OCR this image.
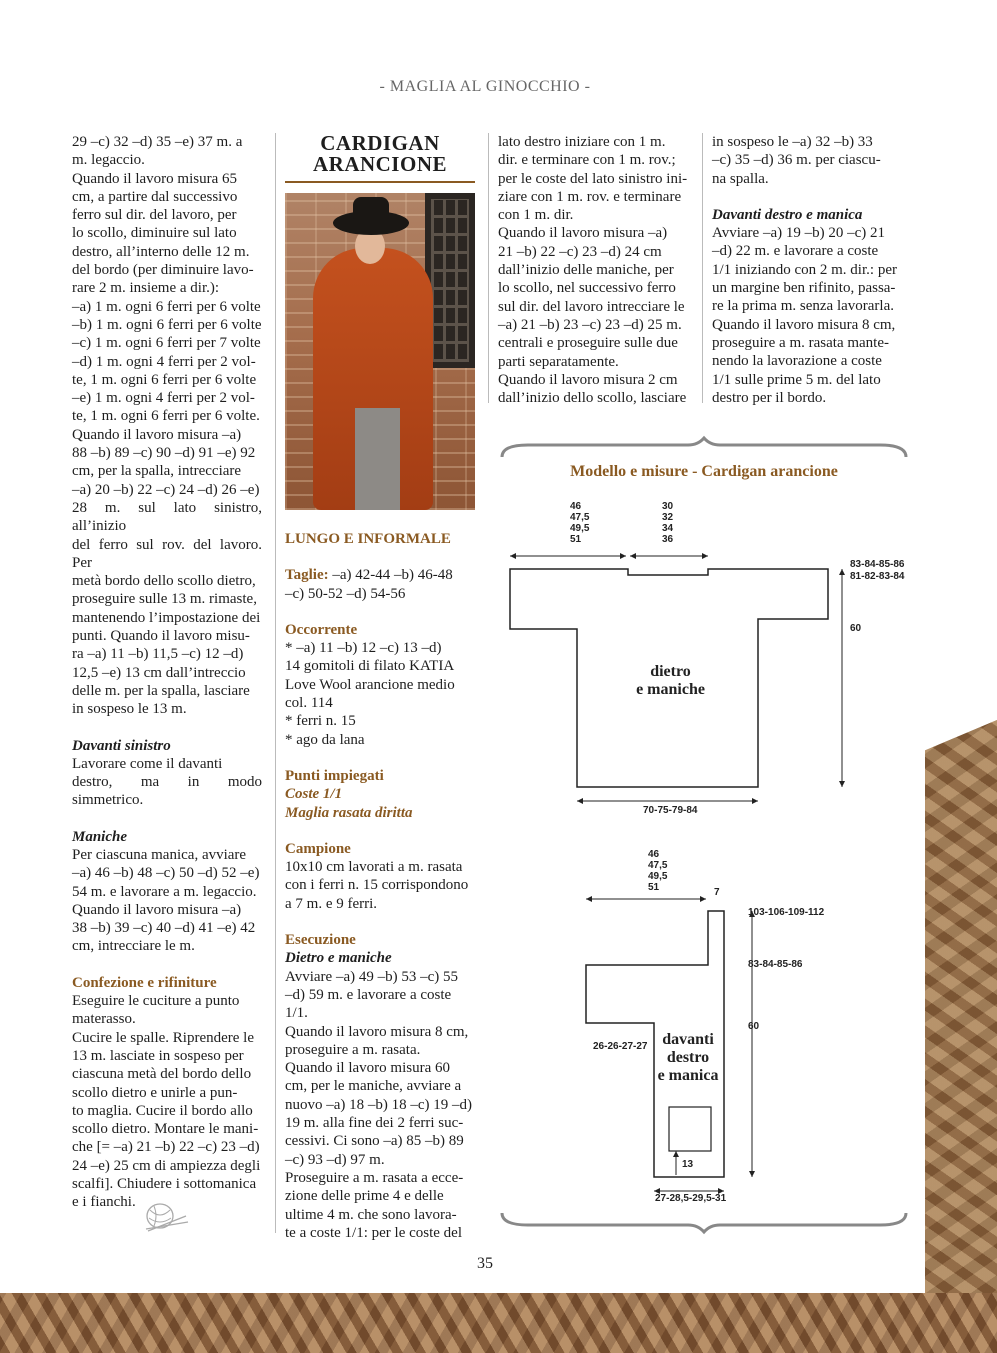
- MAGLIA AL GINOCCHIO -

29 –c) 32 –d) 35 –e) 37 m. a

m. legaccio.

Quando il lavoro misura 65

cm, a partire dal successivo

ferro sul dir. del lavoro, per

lo scollo, diminuire sul lato

destro, all’interno delle 12 m.

del bordo (per diminuire lavo-

rare 2 m. insieme a dir.):

–a) 1 m. ogni 6 ferri per 6 volte

–b) 1 m. ogni 6 ferri per 6 volte

–c) 1 m. ogni 6 ferri per 7 volte

–d) 1 m. ogni 4 ferri per 2 vol-

te, 1 m. ogni 6 ferri per 6 volte

–e) 1 m. ogni 4 ferri per 2 vol-

te, 1 m. ogni 6 ferri per 6 volte.

Quando il lavoro misura –a)

88 –b) 89 –c) 90 –d) 91 –e) 92

cm, per la spalla, intrecciare

–a) 20 –b) 22 –c) 24 –d) 26 –e)

28 m. sul lato sinistro, all’inizio

del ferro sul rov. del lavoro. Per

metà bordo dello scollo dietro,

proseguire sulle 13 m. rimaste,

mantenendo l’impostazione dei

punti. Quando il lavoro misu-

ra –a) 11 –b) 11,5 –c) 12 –d)

12,5 –e) 13 cm dall’intreccio

delle m. per la spalla, lasciare

in sospeso le 13 m.

Davanti sinistro

Lavorare come il davanti

destro, ma in modo simmetrico.

Maniche

Per ciascuna manica, avviare

–a) 46 –b) 48 –c) 50 –d) 52 –e)

54 m. e lavorare a m. legaccio.

Quando il lavoro misura –a)

38 –b) 39 –c) 40 –d) 41 –e) 42

cm, intrecciare le m.

Confezione e rifiniture

Eseguire le cuciture a punto

materasso.

Cucire le spalle. Riprendere le

13 m. lasciate in sospeso per

ciascuna metà del bordo dello

scollo dietro e unirle a pun-

to maglia. Cucire il bordo allo

scollo dietro. Montare le mani-

che [= –a) 21 –b) 22 –c) 23 –d)

24 –e) 25 cm di ampiezza degli

scalfi]. Chiudere i sottomanica

e i fianchi.

CARDIGAN
ARANCIONE

LUNGO E INFORMALE

Taglie: –a) 42-44 –b) 46-48

–c) 50-52 –d) 54-56

Occorrente

* –a) 11 –b) 12 –c) 13 –d)

14 gomitoli di filato KATIA

Love Wool arancione medio

col. 114

* ferri n. 15

* ago da lana

Punti impiegati

Coste 1/1

Maglia rasata diritta

Campione

10x10 cm lavorati a m. rasata

con i ferri n. 15 corrispondono

a 7 m. e 9 ferri.

Esecuzione

Dietro e maniche

Avviare –a) 49 –b) 53 –c) 55

–d) 59 m. e lavorare a coste

1/1.

Quando il lavoro misura 8 cm,

proseguire a m. rasata.

Quando il lavoro misura 60

cm, per le maniche, avviare a

nuovo –a) 18 –b) 18 –c) 19 –d)

19 m. alla fine dei 2 ferri suc-

cessivi. Ci sono –a) 85 –b) 89

–c) 93 –d) 97 m.

Proseguire a m. rasata a ecce-

zione delle prime 4 e delle

ultime 4 m. che sono lavora-

te a coste 1/1: per le coste del

lato destro iniziare con 1 m.

dir. e terminare con 1 m. rov.;

per le coste del lato sinistro ini-

ziare con 1 m. rov. e terminare

con 1 m. dir.

Quando il lavoro misura –a)

21 –b) 22 –c) 23 –d) 24 cm

dall’inizio delle maniche, per

lo scollo, nel successivo ferro

sul dir. del lavoro intrecciare le

–a) 21 –b) 23 –c) 23 –d) 25 m.

centrali e proseguire sulle due

parti separatamente.

Quando il lavoro misura 2 cm

dall’inizio dello scollo, lasciare

in sospeso le –a) 32 –b) 33

–c) 35 –d) 36 m. per ciascu-

na spalla.

Davanti destro e manica

Avviare –a) 19 –b) 20 –c) 21

–d) 22 m. e lavorare a coste

1/1 iniziando con 2 m. dir.: per

un margine ben rifinito, passa-

re la prima m. senza lavorarla.

Quando il lavoro misura 8 cm,

proseguire a m. rasata mante-

nendo la lavorazione a coste

1/1 sulle prime 5 m. del lato

destro per il bordo.

Modello e misure - Cardigan arancione
46
47,5
49,5
51
30
32
34
36
83-84-85-86
81-82-83-84
60
70-75-79-84
dietro
e maniche
46
47,5
49,5
51	7
103-106-109-112
83-84-85-86
60
26-26-27-27
13
27-28,5-29,5-31
davanti
destro
e manica
35
